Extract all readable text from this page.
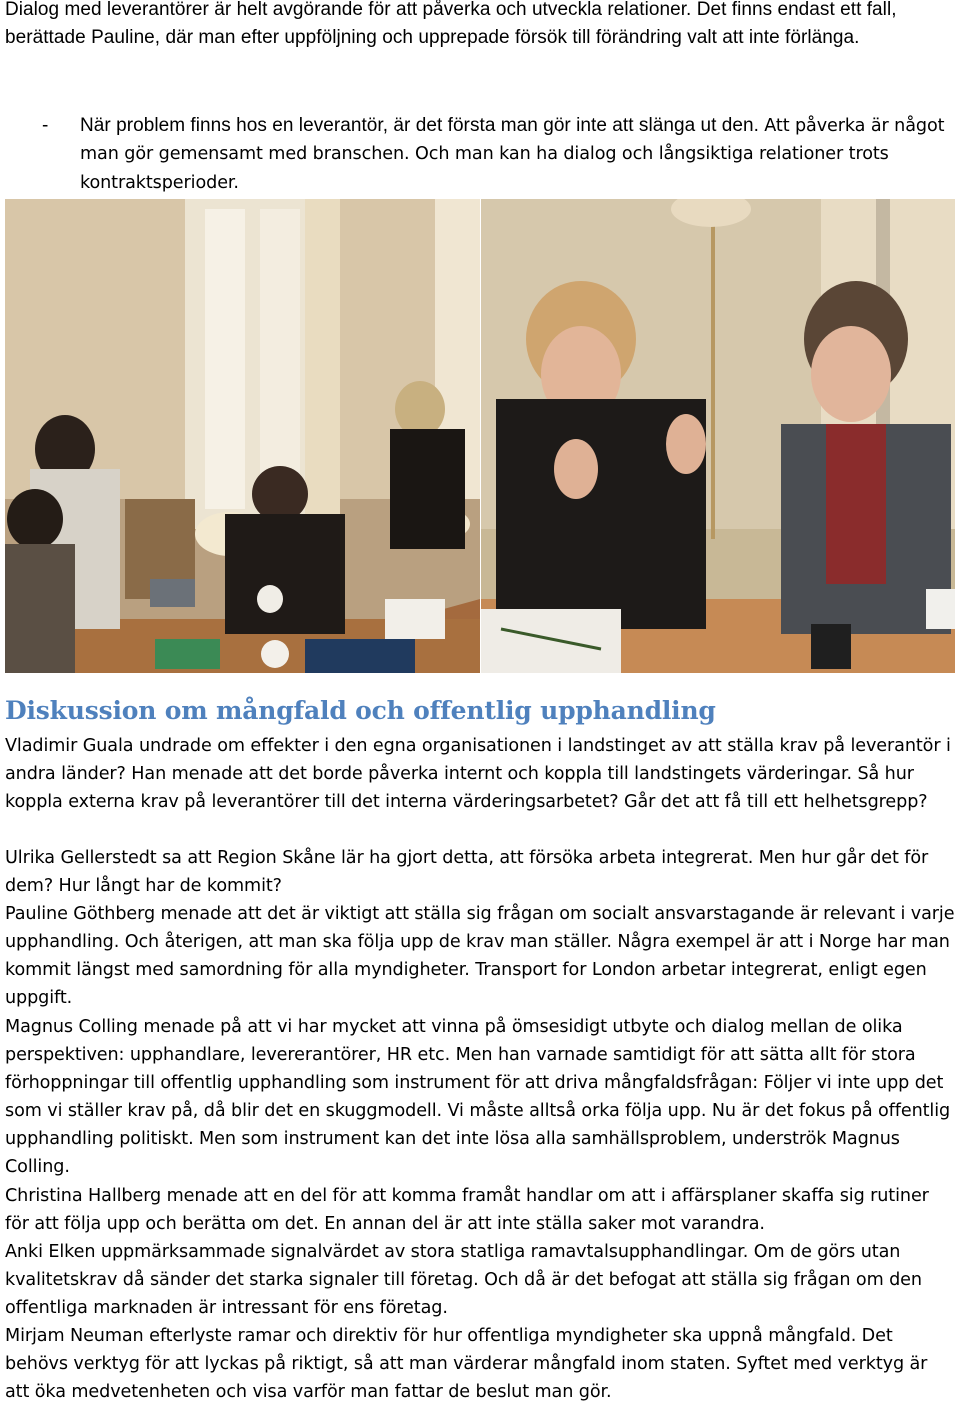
Dialog med leverantörer är helt avgörande för att påverka och utveckla relationer. Det finns endast ett fall, berättade Pauline, där man efter uppföljning och upprepade försök till förändring valt att inte förlänga.

- När problem finns hos en leverantör, är det första man gör inte att slänga ut den. Att påverka är något man gör gemensamt med branschen. Och man kan ha dialog och långsiktiga relationer trots kontraktsperioder.

Diskussion om mångfald och offentlig upphandling

Vladimir Guala undrade om effekter i den egna organisationen i landstinget av att ställa krav på leverantör i andra länder? Han menade att det borde påverka internt och koppla till landstingets värderingar. Så hur koppla externa krav på leverantörer till det interna värderingsarbetet? Går det att få till ett helhetsgrepp?

Ulrika Gellerstedt sa att Region Skåne lär ha gjort detta, att försöka arbeta integrerat. Men hur går det för dem? Hur långt har de kommit?

Pauline Göthberg menade att det är viktigt att ställa sig frågan om socialt ansvarstagande är relevant i varje upphandling. Och återigen, att man ska följa upp de krav man ställer. Några exempel är att i Norge har man kommit längst med samordning för alla myndigheter. Transport for London arbetar integrerat, enligt egen uppgift.

Magnus Colling menade på att vi har mycket att vinna på ömsesidigt utbyte och dialog mellan de olika perspektiven: upphandlare, levererantörer, HR etc. Men han varnade samtidigt för att sätta allt för stora förhoppningar till offentlig upphandling som instrument för att driva mångfaldsfrågan: Följer vi inte upp det som vi ställer krav på, då blir det en skuggmodell. Vi måste alltså orka följa upp. Nu är det fokus på offentlig upphandling politiskt. Men som instrument kan det inte lösa alla samhällsproblem, underströk Magnus Colling.

Christina Hallberg menade att en del för att komma framåt handlar om att i affärsplaner skaffa sig rutiner för att följa upp och berätta om det. En annan del är att inte ställa saker mot varandra.

Anki Elken uppmärksammade signalvärdet av stora statliga ramavtalsupphandlingar. Om de görs utan kvalitetskrav då sänder det starka signaler till företag. Och då är det befogat att ställa sig frågan om den offentliga marknaden är intressant för ens företag.

Mirjam Neuman efterlyste ramar och direktiv för hur offentliga myndigheter ska uppnå mångfald. Det behövs verktyg för att lyckas på riktigt, så att man värderar mångfald inom staten. Syftet med verktyg är att öka medvetenheten och visa varför man fattar de beslut man gör.
